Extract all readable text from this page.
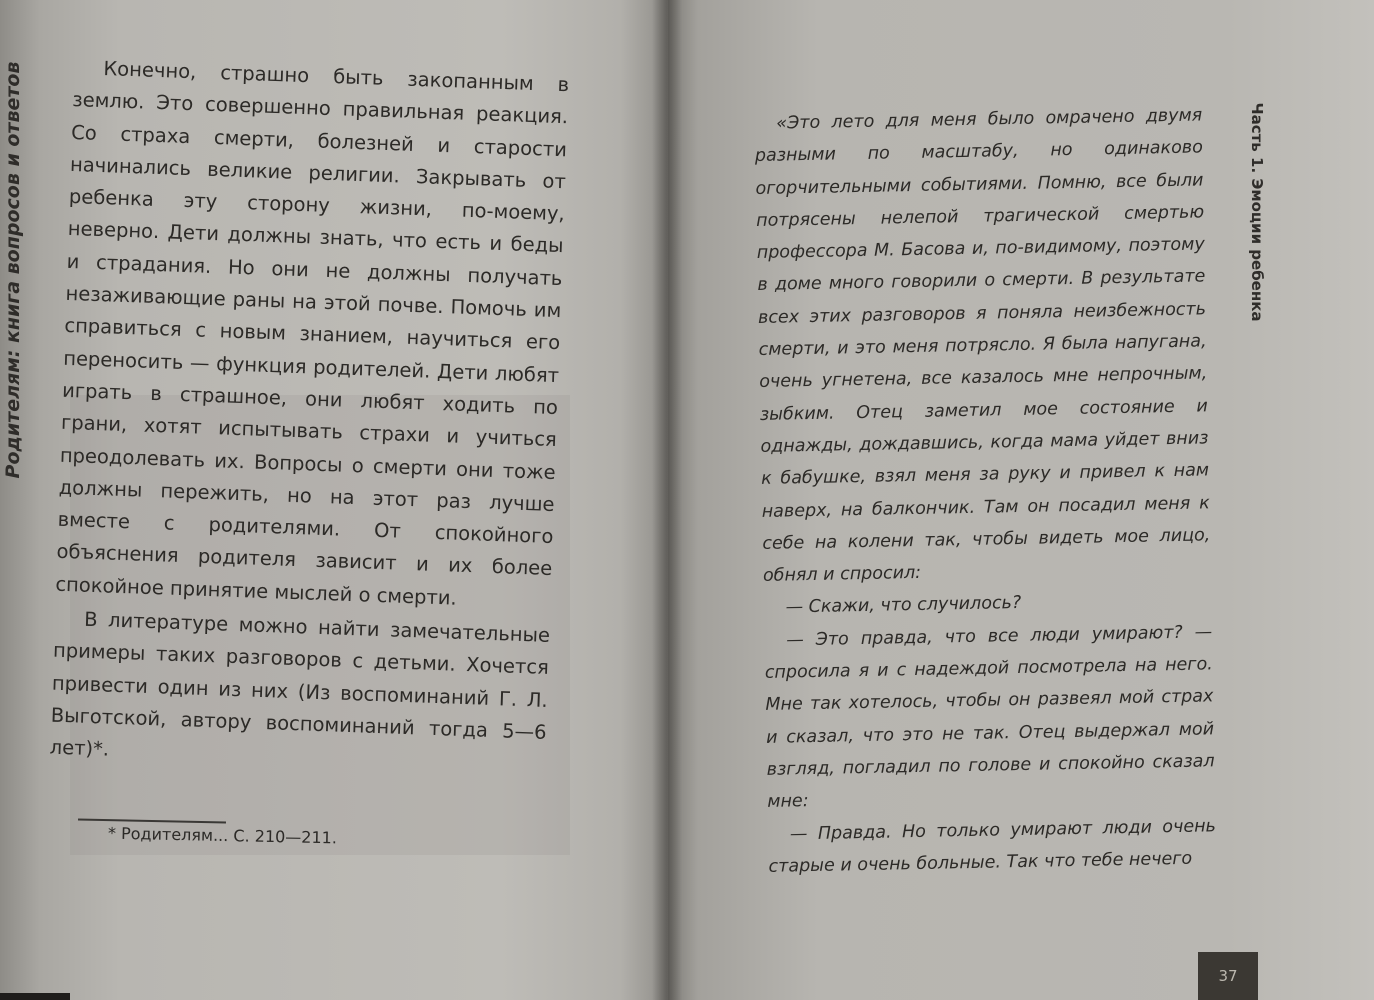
Родителям: книга вопросов и ответов	Конечно, страшно быть закопанным в землю. Это совершенно правильная реакция. Со страха смерти, болезней и старости начинались великие религии. Закрывать от ребенка эту сторону жизни, по-моему, неверно. Дети должны знать, что есть и беды и страдания. Но они не должны получать незаживающие раны на этой почве. Помочь им справиться с новым знанием, научиться его переносить — функция родителей. Дети любят играть в страшное, они любят ходить по грани, хотят испытывать страхи и учиться преодолевать их. Вопросы о смерти они тоже должны пережить, но на этот раз лучше вместе с родителями. От спокойного объяснения родителя зависит и их более спокойное принятие мыслей о смерти.

В литературе можно найти замечательные примеры таких разговоров с детьми. Хочется привести один из них (Из воспоминаний Г. Л. Выготской, автору воспоминаний тогда 5—6 лет)*.

* Родителям... С. 210—211.
Часть 1. Эмоции ребенка

«Это лето для меня было омрачено двумя разными по масштабу, но одинаково огорчительными событиями. Помню, все были потрясены нелепой трагической смертью профессора М. Басова и, по-видимому, поэтому в доме много говорили о смерти. В результате всех этих разговоров я поняла неизбежность смерти, и это меня потрясло. Я была напугана, очень угнетена, все казалось мне непрочным, зыбким. Отец заметил мое состояние и однажды, дождавшись, когда мама уйдет вниз к бабушке, взял меня за руку и привел к нам наверх, на балкончик. Там он посадил меня к себе на колени так, чтобы видеть мое лицо, обнял и спросил:

— Скажи, что случилось?

— Это правда, что все люди умирают? — спросила я и с надеждой посмотрела на него. Мне так хотелось, чтобы он развеял мой страх и сказал, что это не так. Отец выдержал мой взгляд, погладил по голове и спокойно сказал мне:

— Правда. Но только умирают люди очень старые и очень больные. Так что тебе нечего

37
